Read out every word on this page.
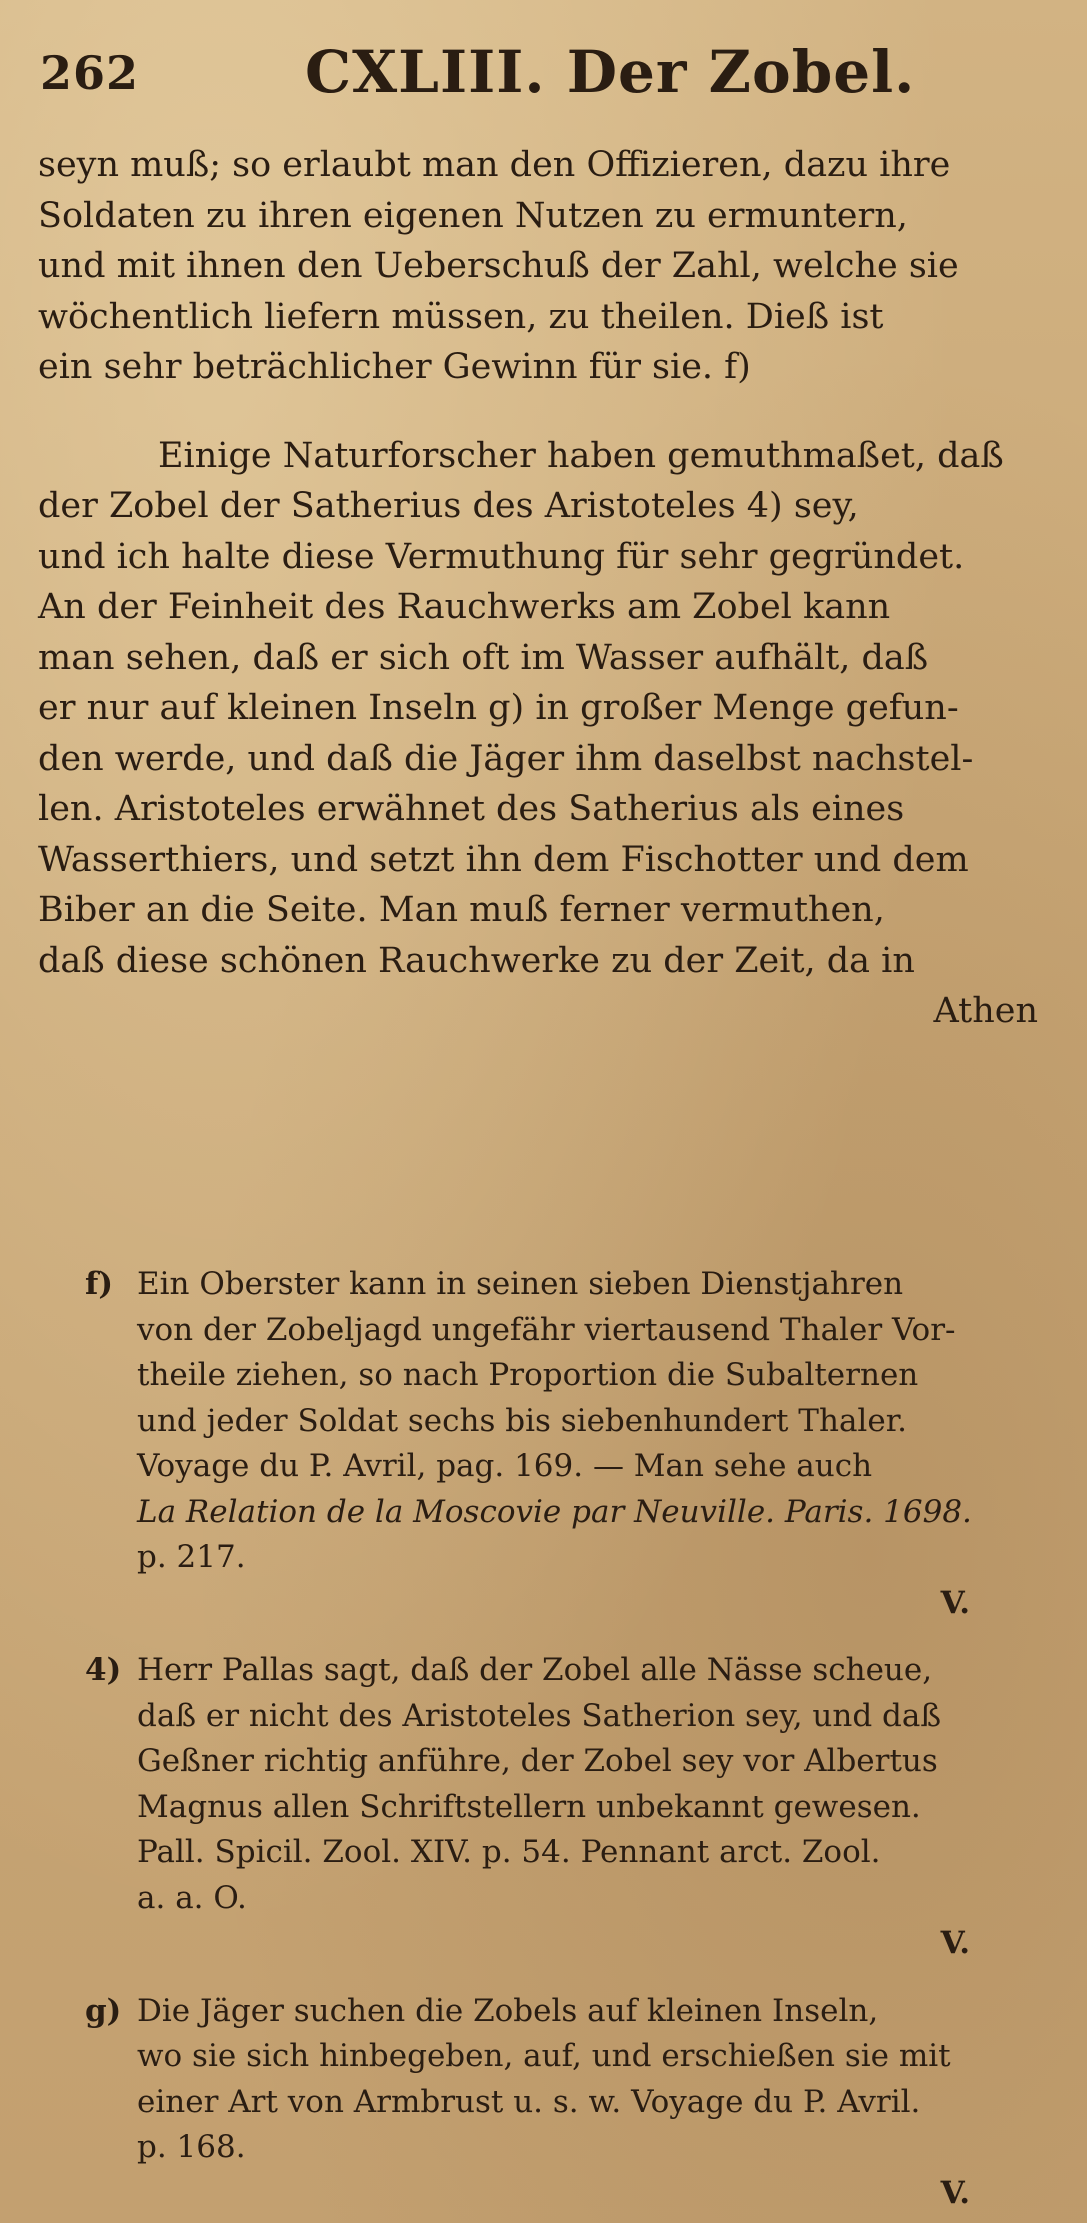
262	CXLIII. Der Zobel.
seyn muß; so erlaubt man den Offizieren, dazu ihre
Soldaten zu ihren eigenen Nutzen zu ermuntern,
und mit ihnen den Ueberschuß der Zahl, welche sie
wöchentlich liefern müssen, zu theilen. Dieß ist
ein sehr beträchlicher Gewinn für sie. f)
Einige Naturforscher haben gemuthmaßet, daß
der Zobel der Satherius des Aristoteles 4) sey,
und ich halte diese Vermuthung für sehr gegründet.
An der Feinheit des Rauchwerks am Zobel kann
man sehen, daß er sich oft im Wasser aufhält, daß
er nur auf kleinen Inseln g) in großer Menge gefun-
den werde, und daß die Jäger ihm daselbst nachstel-
len. Aristoteles erwähnet des Satherius als eines
Wasserthiers, und setzt ihn dem Fischotter und dem
Biber an die Seite. Man muß ferner vermuthen,
daß diese schönen Rauchwerke zu der Zeit, da in
Athen
f) Ein Oberster kann in seinen sieben Dienstjahren
von der Zobeljagd ungefähr viertausend Thaler Vor-
theile ziehen, so nach Proportion die Subalternen
und jeder Soldat sechs bis siebenhundert Thaler.
Voyage du P. Avril, pag. 169. — Man sehe auch
La Relation de la Moscovie par Neuville. Paris. 1698.
p. 217.
V.
4) Herr Pallas sagt, daß der Zobel alle Nässe scheue,
daß er nicht des Aristoteles Satherion sey, und daß
Geßner richtig anführe, der Zobel sey vor Albertus
Magnus allen Schriftstellern unbekannt gewesen.
Pall. Spicil. Zool. XIV. p. 54. Pennant arct. Zool.
a. a. O.
V.
g) Die Jäger suchen die Zobels auf kleinen Inseln,
wo sie sich hinbegeben, auf, und erschießen sie mit
einer Art von Armbrust u. s. w. Voyage du P. Avril.
p. 168.
V.
